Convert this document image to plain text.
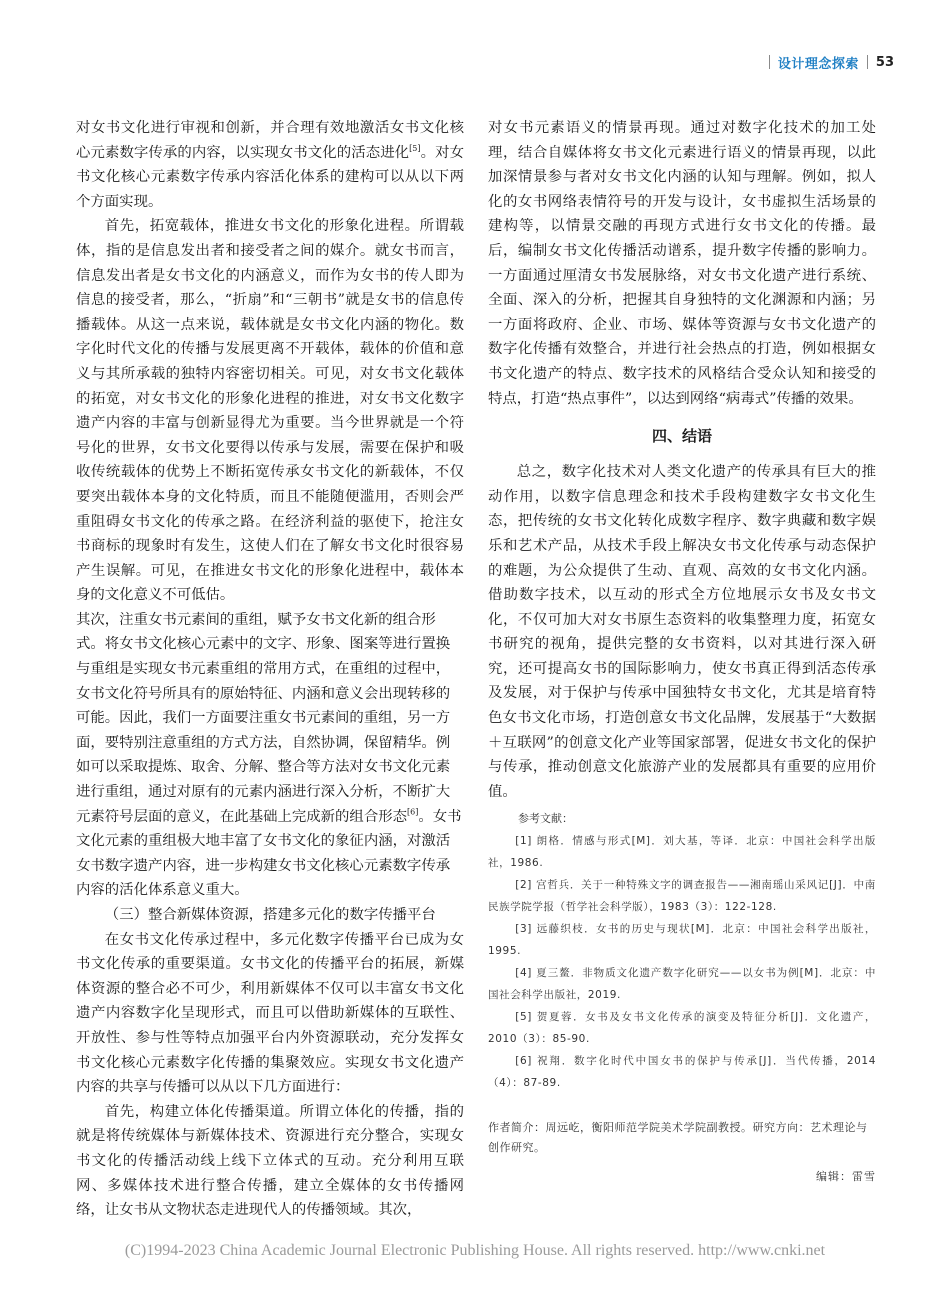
设计理念探索 53

对女书文化进行审视和创新，并合理有效地激活女书文化核心元素数字传承的内容，以实现女书文化的活态进化[5]。对女书文化核心元素数字传承内容活化体系的建构可以从以下两个方面实现。

首先，拓宽载体，推进女书文化的形象化进程。所谓载体，指的是信息发出者和接受者之间的媒介。就女书而言，信息发出者是女书文化的内涵意义，而作为女书的传人即为信息的接受者，那么，“折扇”和“三朝书”就是女书的信息传播载体。从这一点来说，载体就是女书文化内涵的物化。数字化时代文化的传播与发展更离不开载体，载体的价值和意义与其所承载的独特内容密切相关。可见，对女书文化载体的拓宽，对女书文化的形象化进程的推进，对女书文化数字遗产内容的丰富与创新显得尤为重要。当今世界就是一个符号化的世界，女书文化要得以传承与发展，需要在保护和吸收传统载体的优势上不断拓宽传承女书文化的新载体，不仅要突出载体本身的文化特质，而且不能随便滥用，否则会严重阻碍女书文化的传承之路。在经济利益的驱使下，抢注女书商标的现象时有发生，这使人们在了解女书文化时很容易产生误解。可见，在推进女书文化的形象化进程中，载体本身的文化意义不可低估。

其次，注重女书元素间的重组，赋予女书文化新的组合形式。将女书文化核心元素中的文字、形象、图案等进行置换与重组是实现女书元素重组的常用方式，在重组的过程中，女书文化符号所具有的原始特征、内涵和意义会出现转移的可能。因此，我们一方面要注重女书元素间的重组，另一方面，要特别注意重组的方式方法，自然协调，保留精华。例如可以采取提炼、取舍、分解、整合等方法对女书文化元素进行重组，通过对原有的元素内涵进行深入分析，不断扩大元素符号层面的意义，在此基础上完成新的组合形态

[6]。女书文化元素的重组极大地丰富了女书文化的象征内涵，对激活女书数字遗产内容，进一步构建女书文化核心元素数字传承内容的活化体系意义重大。

（三）整合新媒体资源，搭建多元化的数字传播平台

在女书文化传承过程中，多元化数字传播平台已成为女书文化传承的重要渠道。女书文化的传播平台的拓展，新媒体资源的整合必不可少，利用新媒体不仅可以丰富女书文化遗产内容数字化呈现形式，而且可以借助新媒体的互联性、开放性、参与性等特点加强平台内外资源联动，充分发挥女书文化核心元素数字化传播的集聚效应。实现女书文化遗产内容的共享与传播可以从以下几方面进行：

首先，构建立体化传播渠道。所谓立体化的传播，指的就是将传统媒体与新媒体技术、资源进行充分整合，实现女书文化的传播活动线上线下立体式的互动。充分利用互联网、多媒体技术进行整合传播，建立全媒体的女书传播网络，让女书从文物状态走进现代人的传播领域。其次，

对女书元素语义的情景再现。通过对数字化技术的加工处理，结合自媒体将女书文化元素进行语义的情景再现，以此加深情景参与者对女书文化内涵的认知与理解。例如，拟人化的女书网络表情符号的开发与设计，女书虚拟生活场景的建构等，以情景交融的再现方式进行女书文化的传播。最后，编制女书文化传播活动谱系，提升数字传播的影响力。一方面通过厘清女书发展脉络，对女书文化遗产进行系统、全面、深入的分析，把握其自身独特的文化渊源和内涵；另一方面将政府、企业、市场、媒体等资源与女书文化遗产的数字化传播有效整合，并进行社会热点的打造，例如根据女书文化遗产的特点、数字技术的风格结合受众认知和接受的特点，打造“热点事件”，以达到网络“病毒式”传播的效果。

四、结语

总之，数字化技术对人类文化遗产的传承具有巨大的推动作用，以数字信息理念和技术手段构建数字女书文化生态，把传统的女书文化转化成数字程序、数字典藏和数字娱乐和艺术产品，从技术手段上解决女书文化传承与动态保护的难题，为公众提供了生动、直观、高效的女书文化内涵。借助数字技术，以互动的形式全方位地展示女书及女书文化，不仅可加大对女书原生态资料的收集整理力度，拓宽女书研究的视角，提供完整的女书资料，以对其进行深入研究，还可提高女书的国际影响力，使女书真正得到活态传承及发展，对于保护与传承中国独特女书文化，尤其是培育特色女书文化市场，打造创意女书文化品牌，发展基于“大数据＋互联网”的创意文化产业等国家部署，促进女书文化的保护与传承，推动创意文化旅游产业的发展都具有重要的应用价值。

参考文献：
[1] 朗格．情感与形式[M]．刘大基，等译．北京：中国社会科学出版社，1986.
[2] 宫哲兵．关于一种特殊文字的调查报告——湘南瑶山采风记[J]．中南民族学院学报（哲学社会科学版），1983（3）：122-128.
[3] 远藤织枝．女书的历史与现状[M]．北京：中国社会科学出版社，1995.
[4] 夏三鳌．非物质文化遗产数字化研究——以女书为例[M]．北京：中国社会科学出版社，2019.
[5] 贺夏蓉．女书及女书文化传承的演变及特征分析[J]．文化遗产，2010（3）：85-90.
[6] 祝翔．数字化时代中国女书的保护与传承[J]．当代传播，2014（4）：87-89.
作者简介：周远屹，衡阳师范学院美术学院副教授。研究方向：艺术理论与创作研究。
编辑：雷雪
(C)1994-2023 China Academic Journal Electronic Publishing House. All rights reserved. http://www.cnki.net
